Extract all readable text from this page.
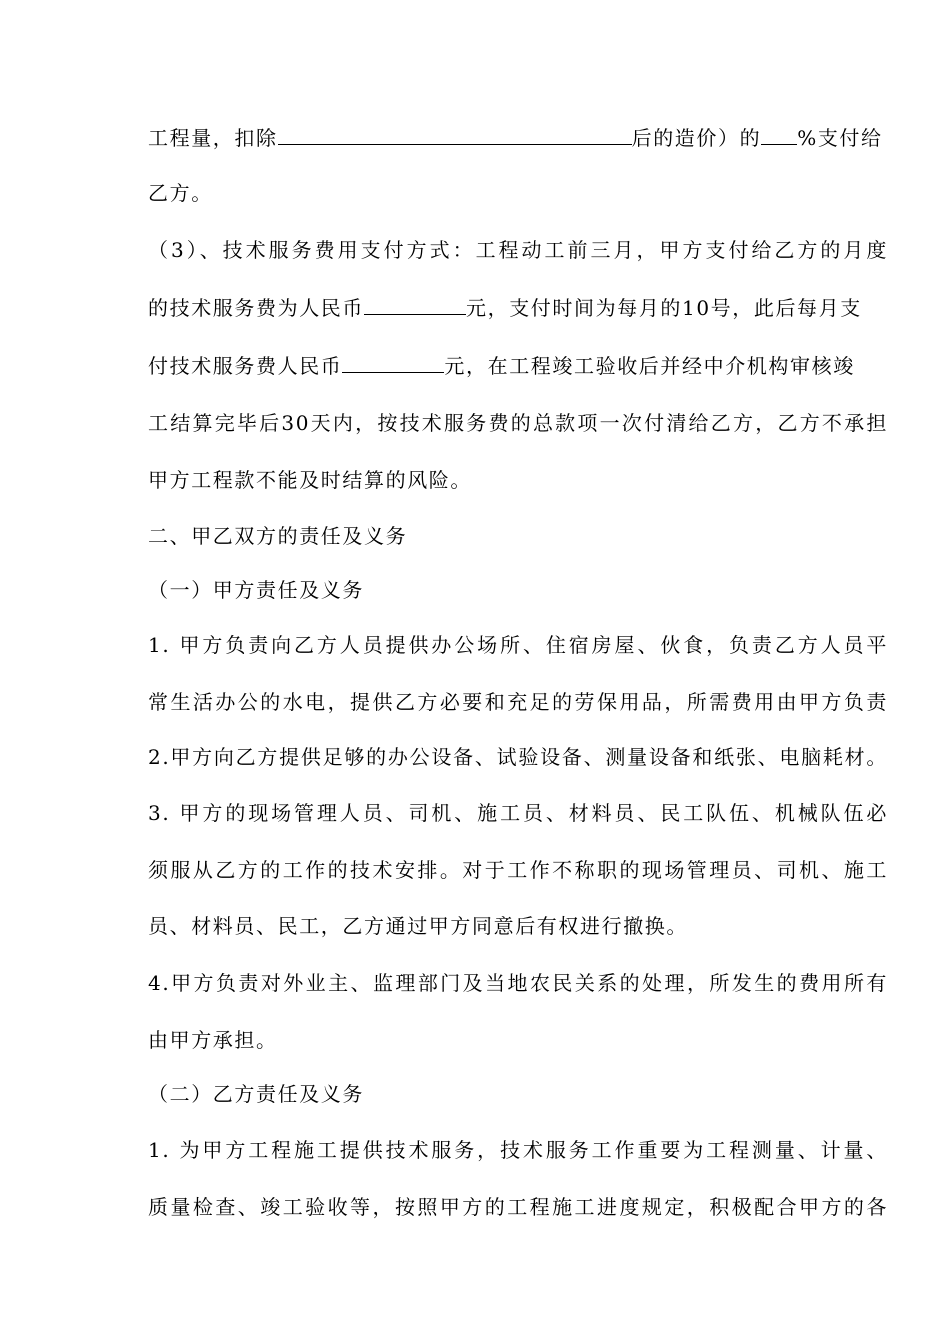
工程量，扣除	后的造价）的 %支付给
乙方。
（3）、技术服务费用支付方式：工程动工前三月，甲方支付给乙方的月度
的技术服务费为人民币	元，支付时间为每月的10号，此后每月支
付技术服务费人民币	元，在工程竣工验收后并经中介机构审核竣
工结算完毕后30天内，按技术服务费的总款项一次付清给乙方，乙方不承担
甲方工程款不能及时结算的风险。
二、甲乙双方的责任及义务
（一）甲方责任及义务
1. 甲方负责向乙方人员提供办公场所、住宿房屋、伙食，负责乙方人员平
常生活办公的水电，提供乙方必要和充足的劳保用品，所需费用由甲方负责
2.甲方向乙方提供足够的办公设备、试验设备、测量设备和纸张、电脑耗材。
3. 甲方的现场管理人员、司机、施工员、材料员、民工队伍、机械队伍必
须服从乙方的工作的技术安排。对于工作不称职的现场管理员、司机、施工
员、材料员、民工，乙方通过甲方同意后有权进行撤换。
4.甲方负责对外业主、监理部门及当地农民关系的处理，所发生的费用所有
由甲方承担。
（二）乙方责任及义务
1. 为甲方工程施工提供技术服务，技术服务工作重要为工程测量、计量、
质量检查、竣工验收等，按照甲方的工程施工进度规定，积极配合甲方的各
